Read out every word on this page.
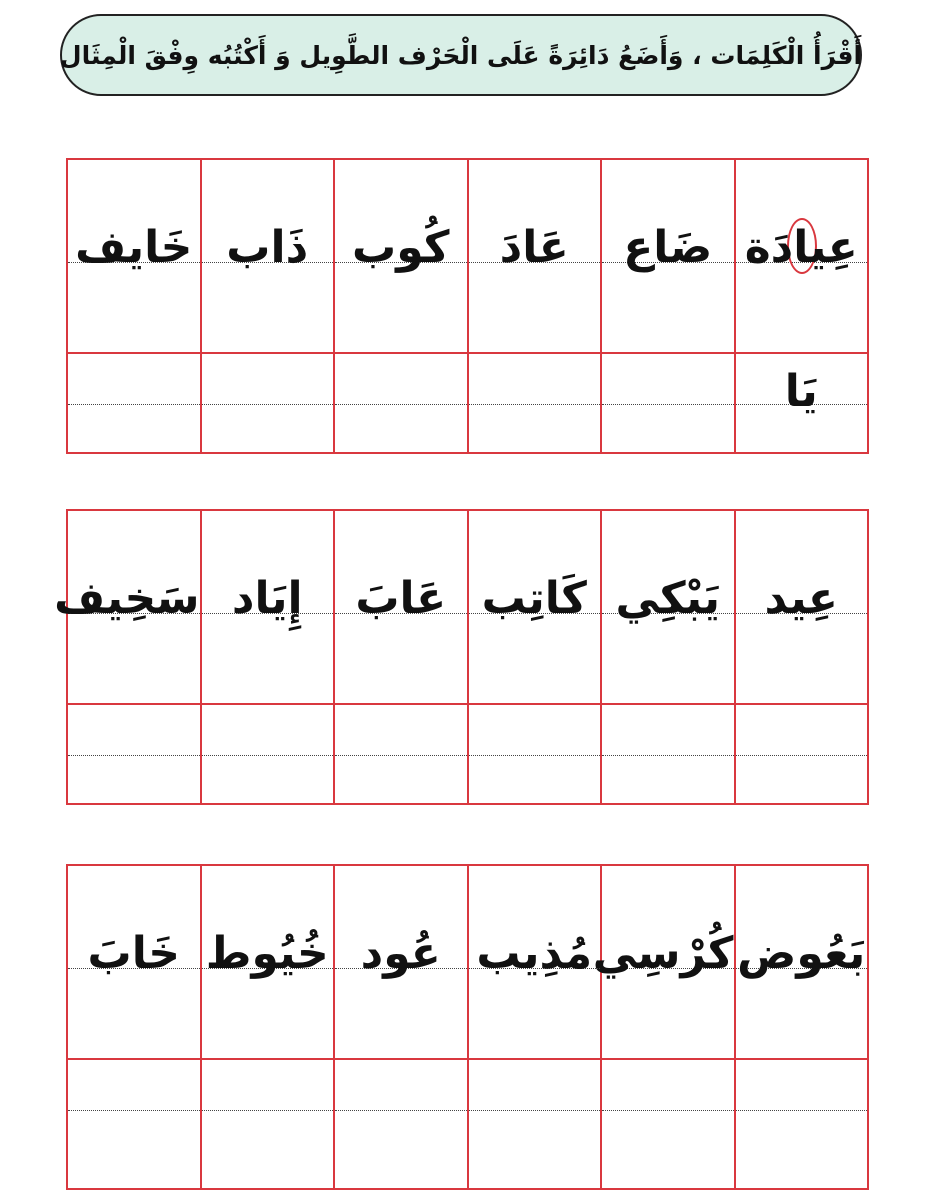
أَقْرَأُ الْكَلِمَات ، وَأَضَعُ دَائِرَةً عَلَى الْحَرْف الطَّوِيل وَ أَكْتُبُه وِفْقَ الْمِثَال
عِيادَة
ضَاع
عَادَ
كُوب
ذَاب
خَايف
يَا
عِيد
يَبْكِي
كَاتِب
عَابَ
إِيَاد
سَخِيف
بَعُوض
كُرْسِي
مُذِيب
عُود
خُيُوط
خَابَ
